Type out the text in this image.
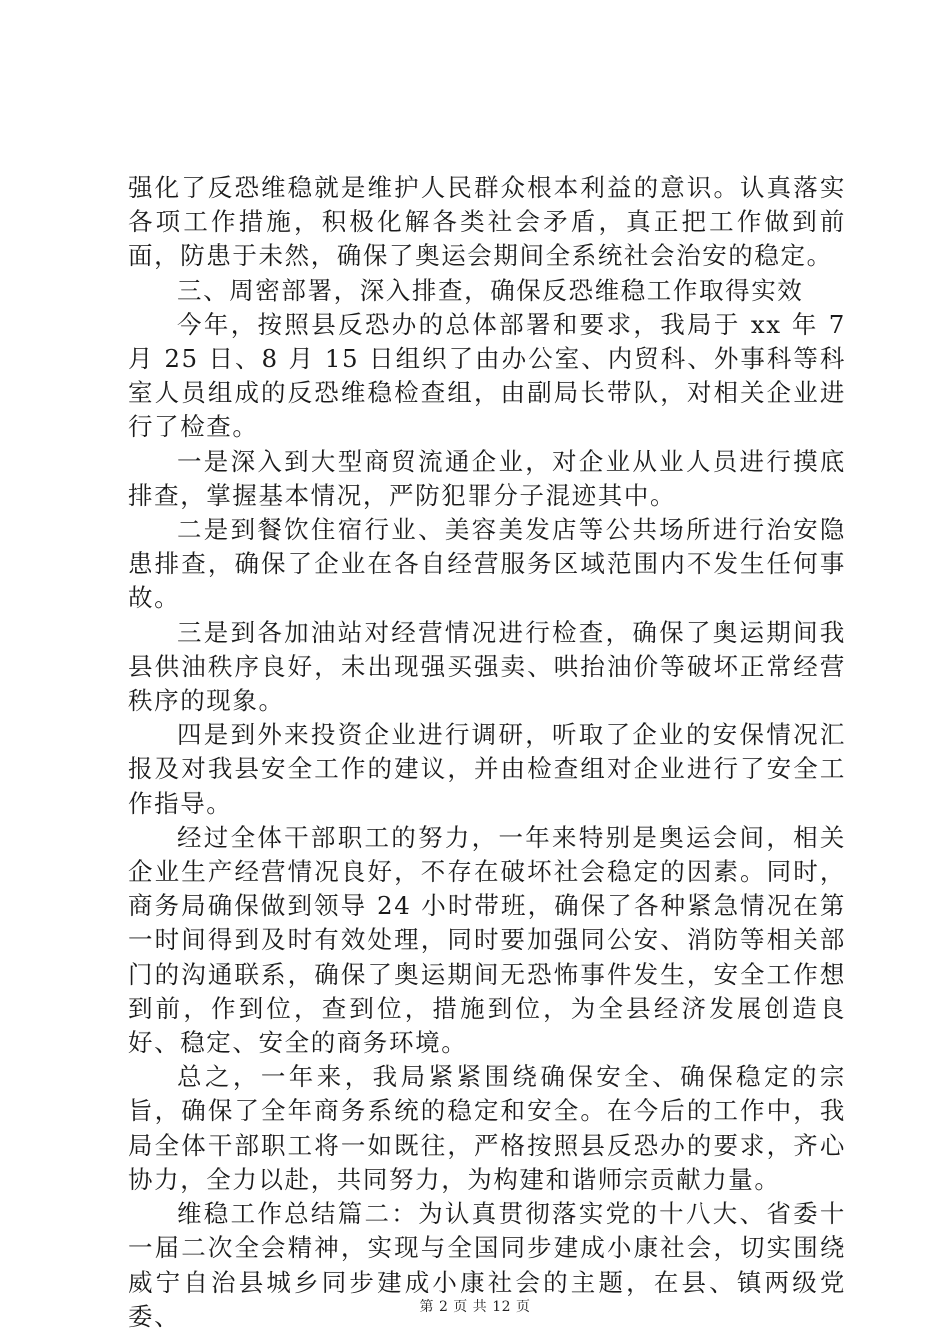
强化了反恐维稳就是维护人民群众根本利益的意识。认真落实各项工作措施，积极化解各类社会矛盾，真正把工作做到前面，防患于未然，确保了奥运会期间全系统社会治安的稳定。

三、周密部署，深入排查，确保反恐维稳工作取得实效

今年，按照县反恐办的总体部署和要求，我局于 xx 年 7 月 25 日、8 月 15 日组织了由办公室、内贸科、外事科等科室人员组成的反恐维稳检查组，由副局长带队，对相关企业进行了检查。

一是深入到大型商贸流通企业，对企业从业人员进行摸底排查，掌握基本情况，严防犯罪分子混迹其中。

二是到餐饮住宿行业、美容美发店等公共场所进行治安隐患排查，确保了企业在各自经营服务区域范围内不发生任何事故。

三是到各加油站对经营情况进行检查，确保了奥运期间我县供油秩序良好，未出现强买强卖、哄抬油价等破坏正常经营秩序的现象。

四是到外来投资企业进行调研，听取了企业的安保情况汇报及对我县安全工作的建议，并由检查组对企业进行了安全工作指导。

经过全体干部职工的努力，一年来特别是奥运会间，相关企业生产经营情况良好，不存在破坏社会稳定的因素。同时，商务局确保做到领导 24 小时带班，确保了各种紧急情况在第一时间得到及时有效处理，同时要加强同公安、消防等相关部门的沟通联系，确保了奥运期间无恐怖事件发生，安全工作想到前，作到位，查到位，措施到位，为全县经济发展创造良好、稳定、安全的商务环境。

总之，一年来，我局紧紧围绕确保安全、确保稳定的宗旨，确保了全年商务系统的稳定和安全。在今后的工作中，我局全体干部职工将一如既往，严格按照县反恐办的要求，齐心协力，全力以赴，共同努力，为构建和谐师宗贡献力量。

维稳工作总结篇二：为认真贯彻落实党的十八大、省委十一届二次全会精神，实现与全国同步建成小康社会，切实围绕威宁自治县城乡同步建成小康社会的主题，在县、镇两级党委、	第 2 页 共 12 页
